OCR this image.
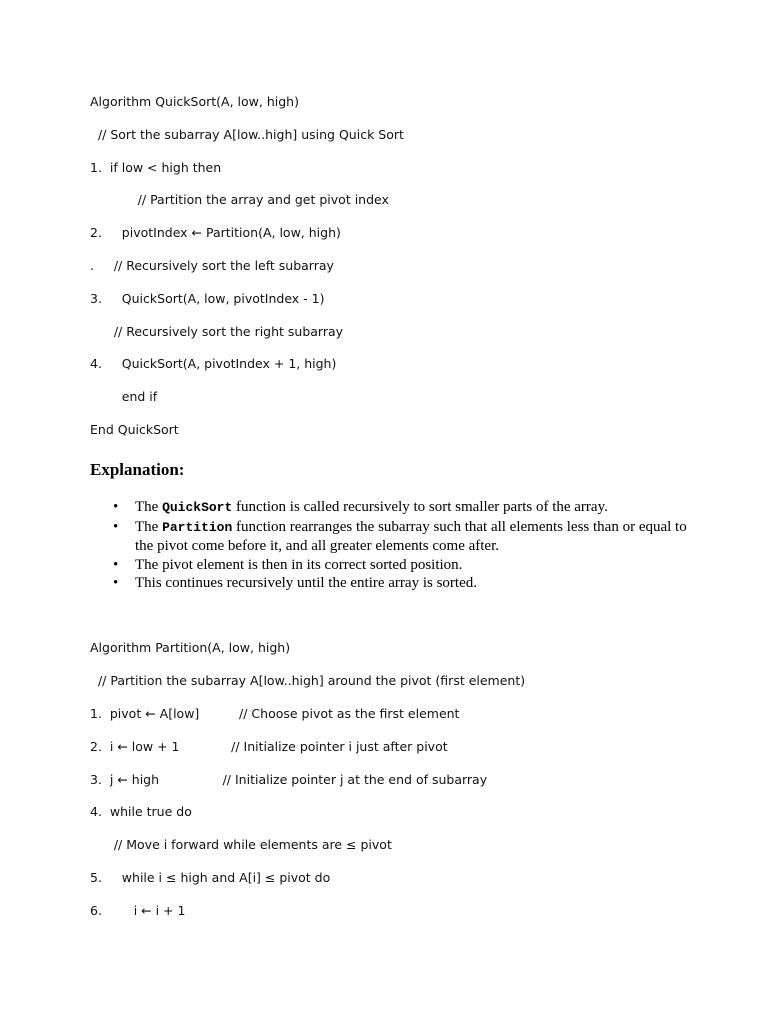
Algorithm QuickSort(A, low, high)
// Sort the subarray A[low..high] using Quick Sort
1.  if low < high then
// Partition the array and get pivot index
2.     pivotIndex ← Partition(A, low, high)
.     // Recursively sort the left subarray
3.     QuickSort(A, low, pivotIndex - 1)
// Recursively sort the right subarray
4.     QuickSort(A, pivotIndex + 1, high)
end if
End QuickSort
Explanation:
• The QuickSort function is called recursively to sort smaller parts of the array.
• The Partition function rearranges the subarray such that all elements less than or equal to the pivot come before it, and all greater elements come after.
• The pivot element is then in its correct sorted position.
• This continues recursively until the entire array is sorted.
Algorithm Partition(A, low, high)
// Partition the subarray A[low..high] around the pivot (first element)
1.  pivot ← A[low]          // Choose pivot as the first element
2.  i ← low + 1             // Initialize pointer i just after pivot
3.  j ← high                // Initialize pointer j at the end of subarray
4.  while true do
// Move i forward while elements are ≤ pivot
5.     while i ≤ high and A[i] ≤ pivot do
6.        i ← i + 1
